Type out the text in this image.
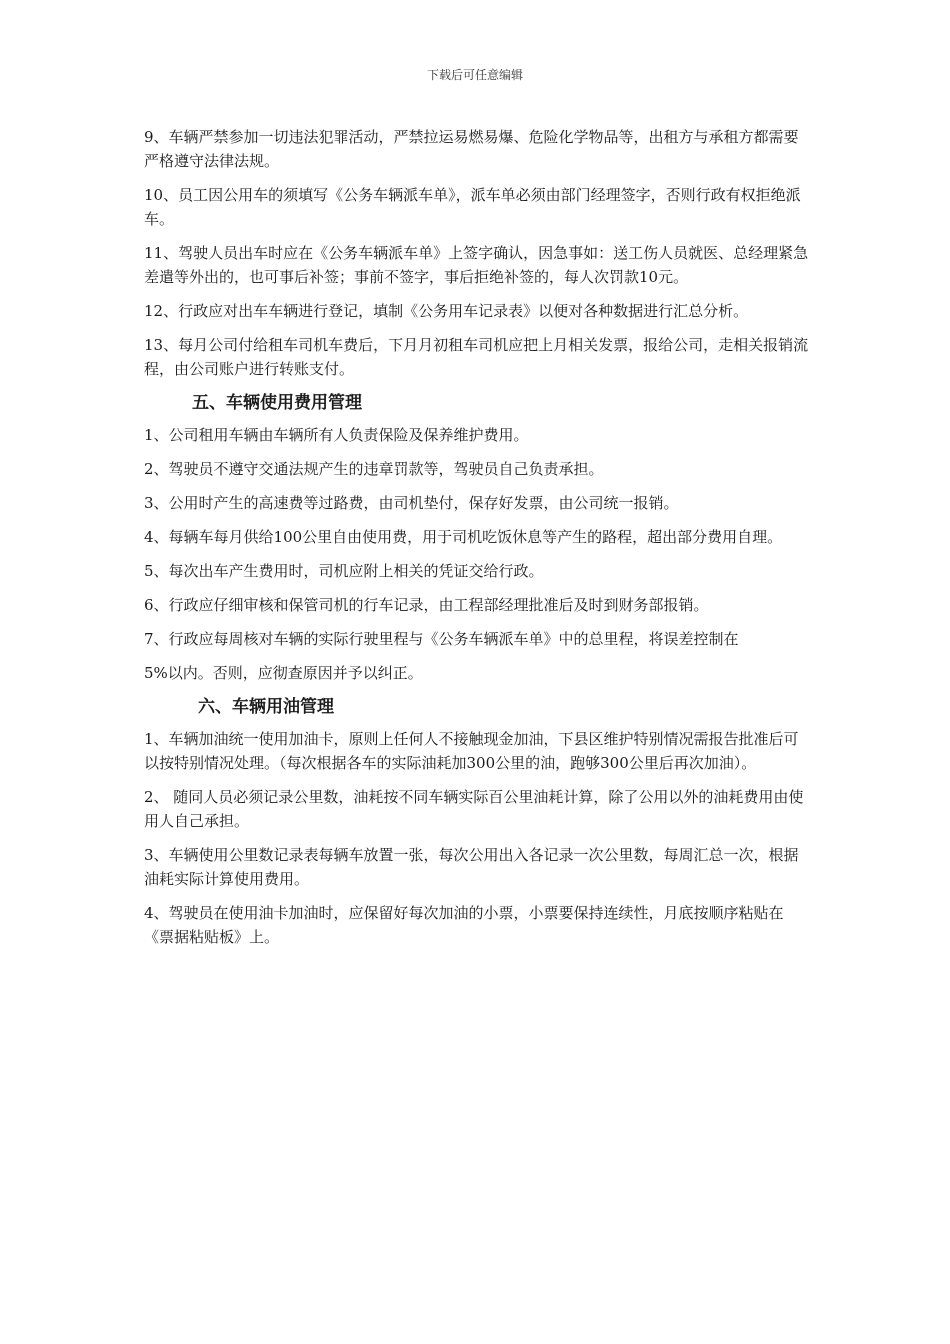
下载后可任意编辑

9、车辆严禁参加一切违法犯罪活动，严禁拉运易燃易爆、危险化学物品等，出租方与承租方都需要严格遵守法律法规。

10、员工因公用车的须填写《公务车辆派车单》，派车单必须由部门经理签字，否则行政有权拒绝派车。

11、驾驶人员出车时应在《公务车辆派车单》上签字确认，因急事如：送工伤人员就医、总经理紧急差遣等外出的，也可事后补签；事前不签字，事后拒绝补签的，每人次罚款10元。

12、行政应对出车车辆进行登记，填制《公务用车记录表》以便对各种数据进行汇总分析。

13、每月公司付给租车司机车费后，下月月初租车司机应把上月相关发票，报给公司，走相关报销流程，由公司账户进行转账支付。

五、车辆使用费用管理

1、公司租用车辆由车辆所有人负责保险及保养维护费用。

2、驾驶员不遵守交通法规产生的违章罚款等，驾驶员自己负责承担。

3、公用时产生的高速费等过路费，由司机垫付，保存好发票，由公司统一报销。

4、每辆车每月供给100公里自由使用费，用于司机吃饭休息等产生的路程，超出部分费用自理。

5、每次出车产生费用时，司机应附上相关的凭证交给行政。

6、行政应仔细审核和保管司机的行车记录，由工程部经理批准后及时到财务部报销。

7、行政应每周核对车辆的实际行驶里程与《公务车辆派车单》中的总里程，将误差控制在

5%以内。否则，应彻查原因并予以纠正。

六、车辆用油管理

1、车辆加油统一使用加油卡，原则上任何人不接触现金加油，下县区维护特别情况需报告批准后可以按特别情况处理。（每次根据各车的实际油耗加300公里的油，跑够300公里后再次加油）。

2、 随同人员必须记录公里数，油耗按不同车辆实际百公里油耗计算，除了公用以外的油耗费用由使用人自己承担。

3、车辆使用公里数记录表每辆车放置一张，每次公用出入各记录一次公里数，每周汇总一次，根据油耗实际计算使用费用。

4、驾驶员在使用油卡加油时，应保留好每次加油的小票，小票要保持连续性，月底按顺序粘贴在《票据粘贴板》上。
